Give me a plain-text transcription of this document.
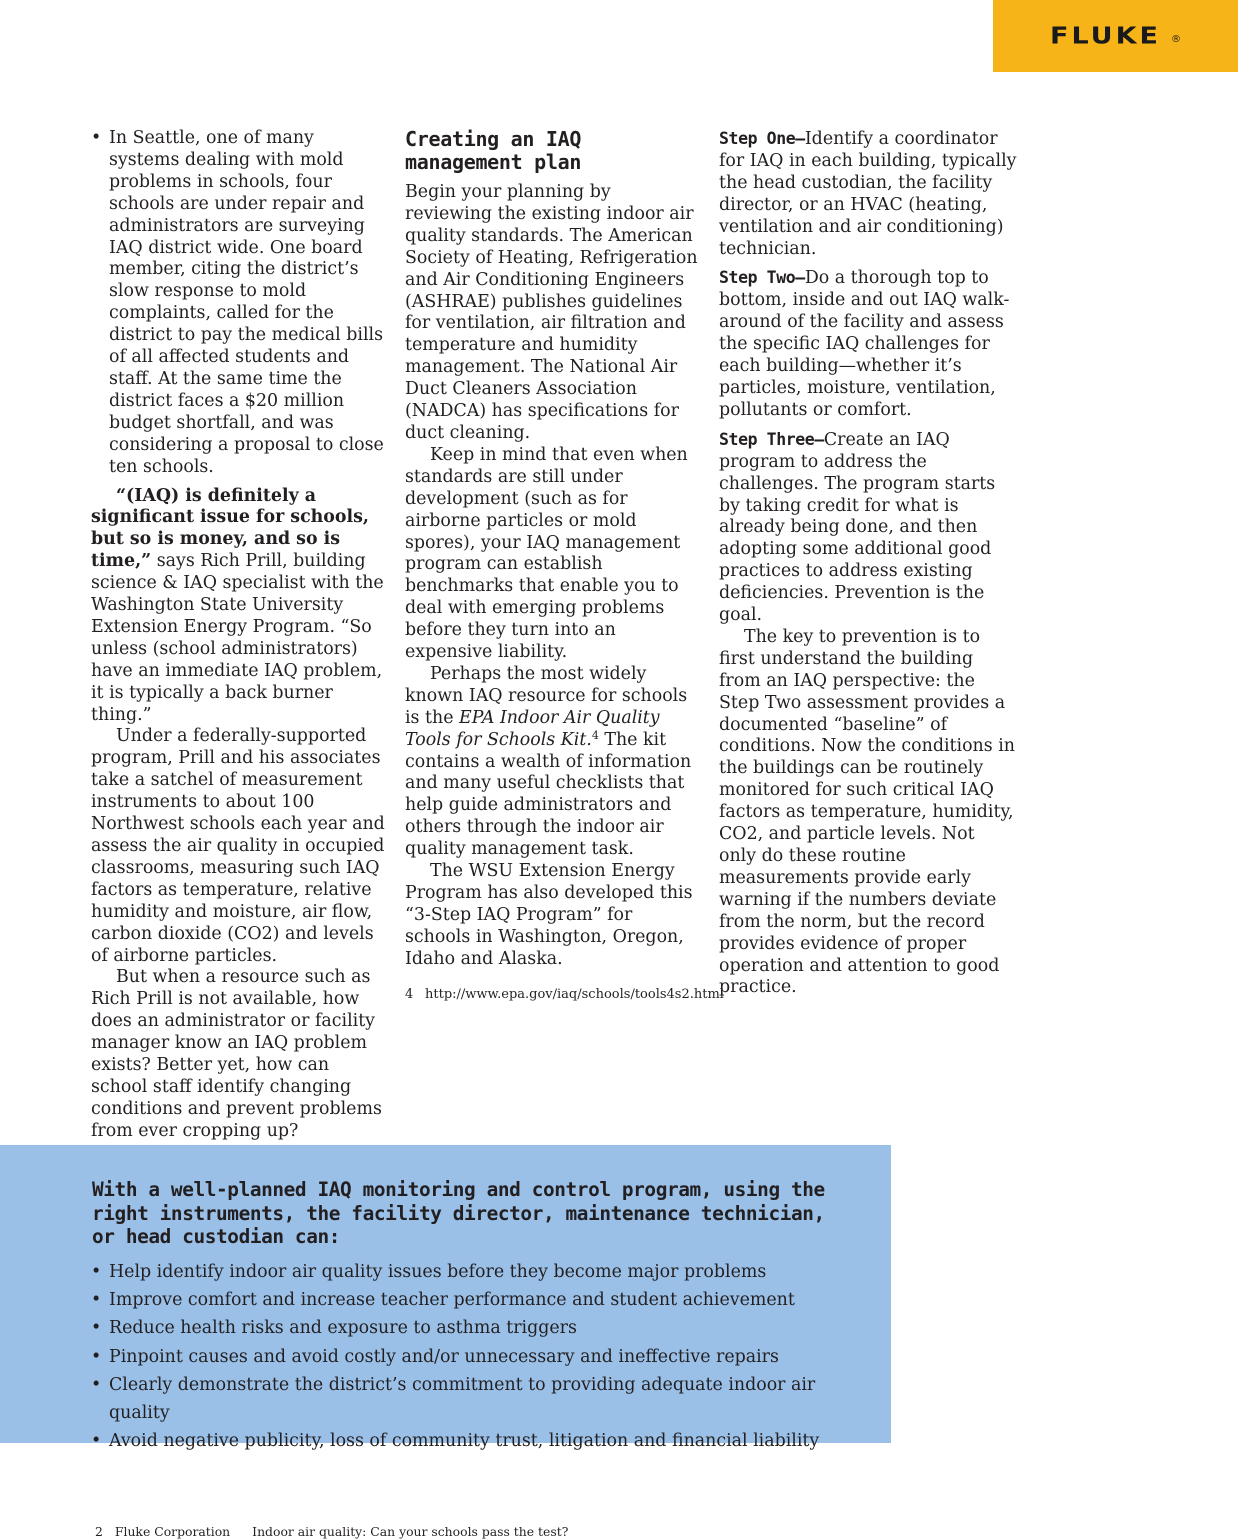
FLUKE ®
• In Seattle, one of many systems dealing with mold problems in schools, four schools are under repair and administrators are surveying IAQ district wide. One board member, citing the district’s slow response to mold complaints, called for the district to pay the medical bills of all affected students and staff. At the same time the district faces a $20 million budget shortfall, and was considering a proposal to close ten schools.

“(IAQ) is definitely a significant issue for schools, but so is money, and so is time,” says Rich Prill, building science & IAQ specialist with the Washington State University Extension Energy Program. “So unless (school administrators) have an immediate IAQ problem, it is typically a back burner thing.”

Under a federally-supported program, Prill and his associates take a satchel of measurement instruments to about 100 Northwest schools each year and assess the air quality in occupied classrooms, measuring such IAQ factors as temperature, relative humidity and moisture, air flow, carbon dioxide (CO2) and levels of airborne particles.

But when a resource such as Rich Prill is not available, how does an administrator or facility manager know an IAQ problem exists? Better yet, how can school staff identify changing conditions and prevent problems from ever cropping up?

Creating an IAQ management plan

Begin your planning by reviewing the existing indoor air quality standards. The American Society of Heating, Refrigeration and Air Conditioning Engineers (ASHRAE) publishes guidelines for ventilation, air filtration and temperature and humidity management. The National Air Duct Cleaners Association (NADCA) has specifications for duct cleaning.

Keep in mind that even when standards are still under development (such as for airborne particles or mold spores), your IAQ management program can establish benchmarks that enable you to deal with emerging problems before they turn into an expensive liability.

Perhaps the most widely known IAQ resource for schools is the EPA Indoor Air Quality Tools for Schools Kit.$^4$ The kit contains a wealth of information and many useful checklists that help guide administrators and others through the indoor air quality management task.

The WSU Extension Energy Program has also developed this “3-Step IAQ Program” for schools in Washington, Oregon, Idaho and Alaska.

4 http://www.epa.gov/iaq/schools/tools4s2.html

Step One—Identify a coordinator for IAQ in each building, typically the head custodian, the facility director, or an HVAC (heating, ventilation and air conditioning) technician.

Step Two—Do a thorough top to bottom, inside and out IAQ walk-around of the facility and assess the specific IAQ challenges for each building—whether it’s particles, moisture, ventilation, pollutants or comfort.

Step Three—Create an IAQ program to address the challenges. The program starts by taking credit for what is already being done, and then adopting some additional good practices to address existing deficiencies. Prevention is the goal.

The key to prevention is to first understand the building from an IAQ perspective: the Step Two assessment provides a documented “baseline” of conditions. Now the conditions in the buildings can be routinely monitored for such critical IAQ factors as temperature, humidity, CO2, and particle levels. Not only do these routine measurements provide early warning if the numbers deviate from the norm, but the record provides evidence of proper operation and attention to good practice.

With a well-planned IAQ monitoring and control program, using the right instruments, the facility director, maintenance technician, or head custodian can:
• Help identify indoor air quality issues before they become major problems
• Improve comfort and increase teacher performance and student achievement
• Reduce health risks and exposure to asthma triggers
• Pinpoint causes and avoid costly and/or unnecessary and ineffective repairs
• Clearly demonstrate the district’s commitment to providing adequate indoor air quality
• Avoid negative publicity, loss of community trust, litigation and financial liability
2 Fluke Corporation Indoor air quality: Can your schools pass the test?
